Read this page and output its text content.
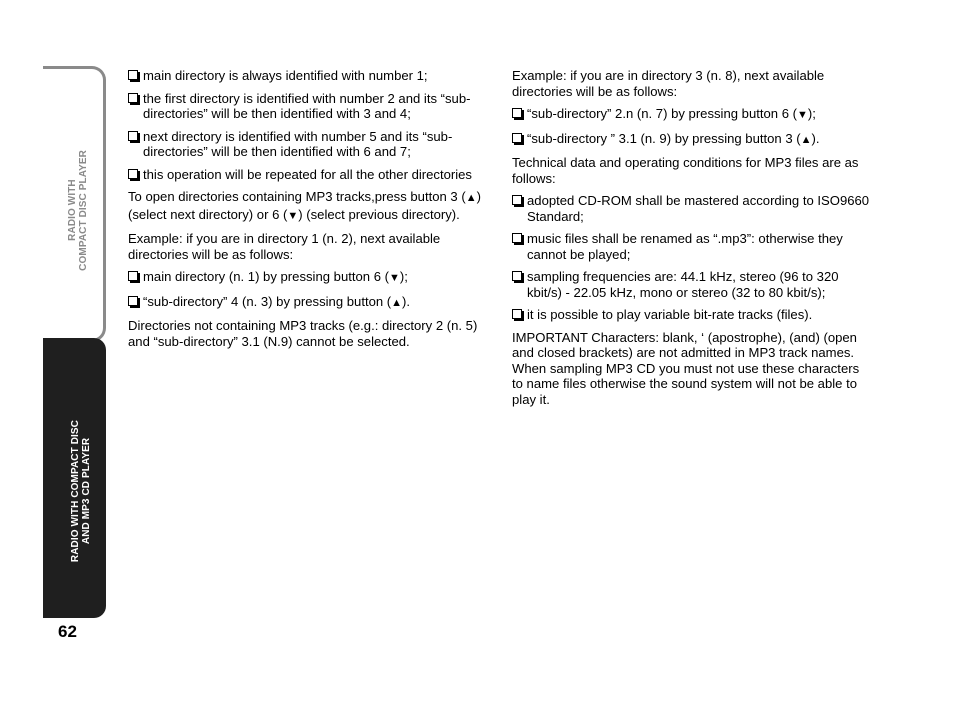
RADIO WITH COMPACT DISC PLAYER
RADIO WITH COMPACT DISC AND MP3 CD PLAYER
62
main directory is always identified with number 1;
the first directory is identified with number 2 and its “sub-directories” will be then identified with 3 and 4;
next directory is identified with number 5 and its “sub-directories” will be then identified with 6 and 7;
this operation will be repeated for all the other directories

To open directories containing MP3 tracks,press button 3 (▲) (select next directory) or 6 (▼) (select previous directory).

Example: if you are in directory 1 (n. 2), next available directories will be as follows:

main directory (n. 1) by pressing button 6 (▼);
“sub-directory” 4 (n. 3) by pressing button (▲).

Directories not containing MP3 tracks (e.g.: directory 2 (n. 5) and “sub-directory” 3.1 (N.9) cannot be selected.

Example: if you are in directory 3 (n. 8), next available directories will be as follows:

“sub-directory” 2.n (n. 7) by pressing button 6 (▼);
“sub-directory ” 3.1 (n. 9) by pressing button 3 (▲).

Technical data and operating conditions for MP3 files are as follows:

adopted CD-ROM shall be mastered according to ISO9660 Standard;
music files shall be renamed as “.mp3”: otherwise they cannot be played;
sampling frequencies are: 44.1 kHz, stereo (96 to 320 kbit/s) - 22.05 kHz, mono or stereo (32 to 80 kbit/s);
it is possible to play variable bit-rate tracks (files).

IMPORTANT Characters: blank, ‘ (apostrophe), (and) (open and closed brackets) are not admitted in MP3 track names. When sampling MP3 CD you must not use these characters to name files otherwise the sound system will not be able to play it.
